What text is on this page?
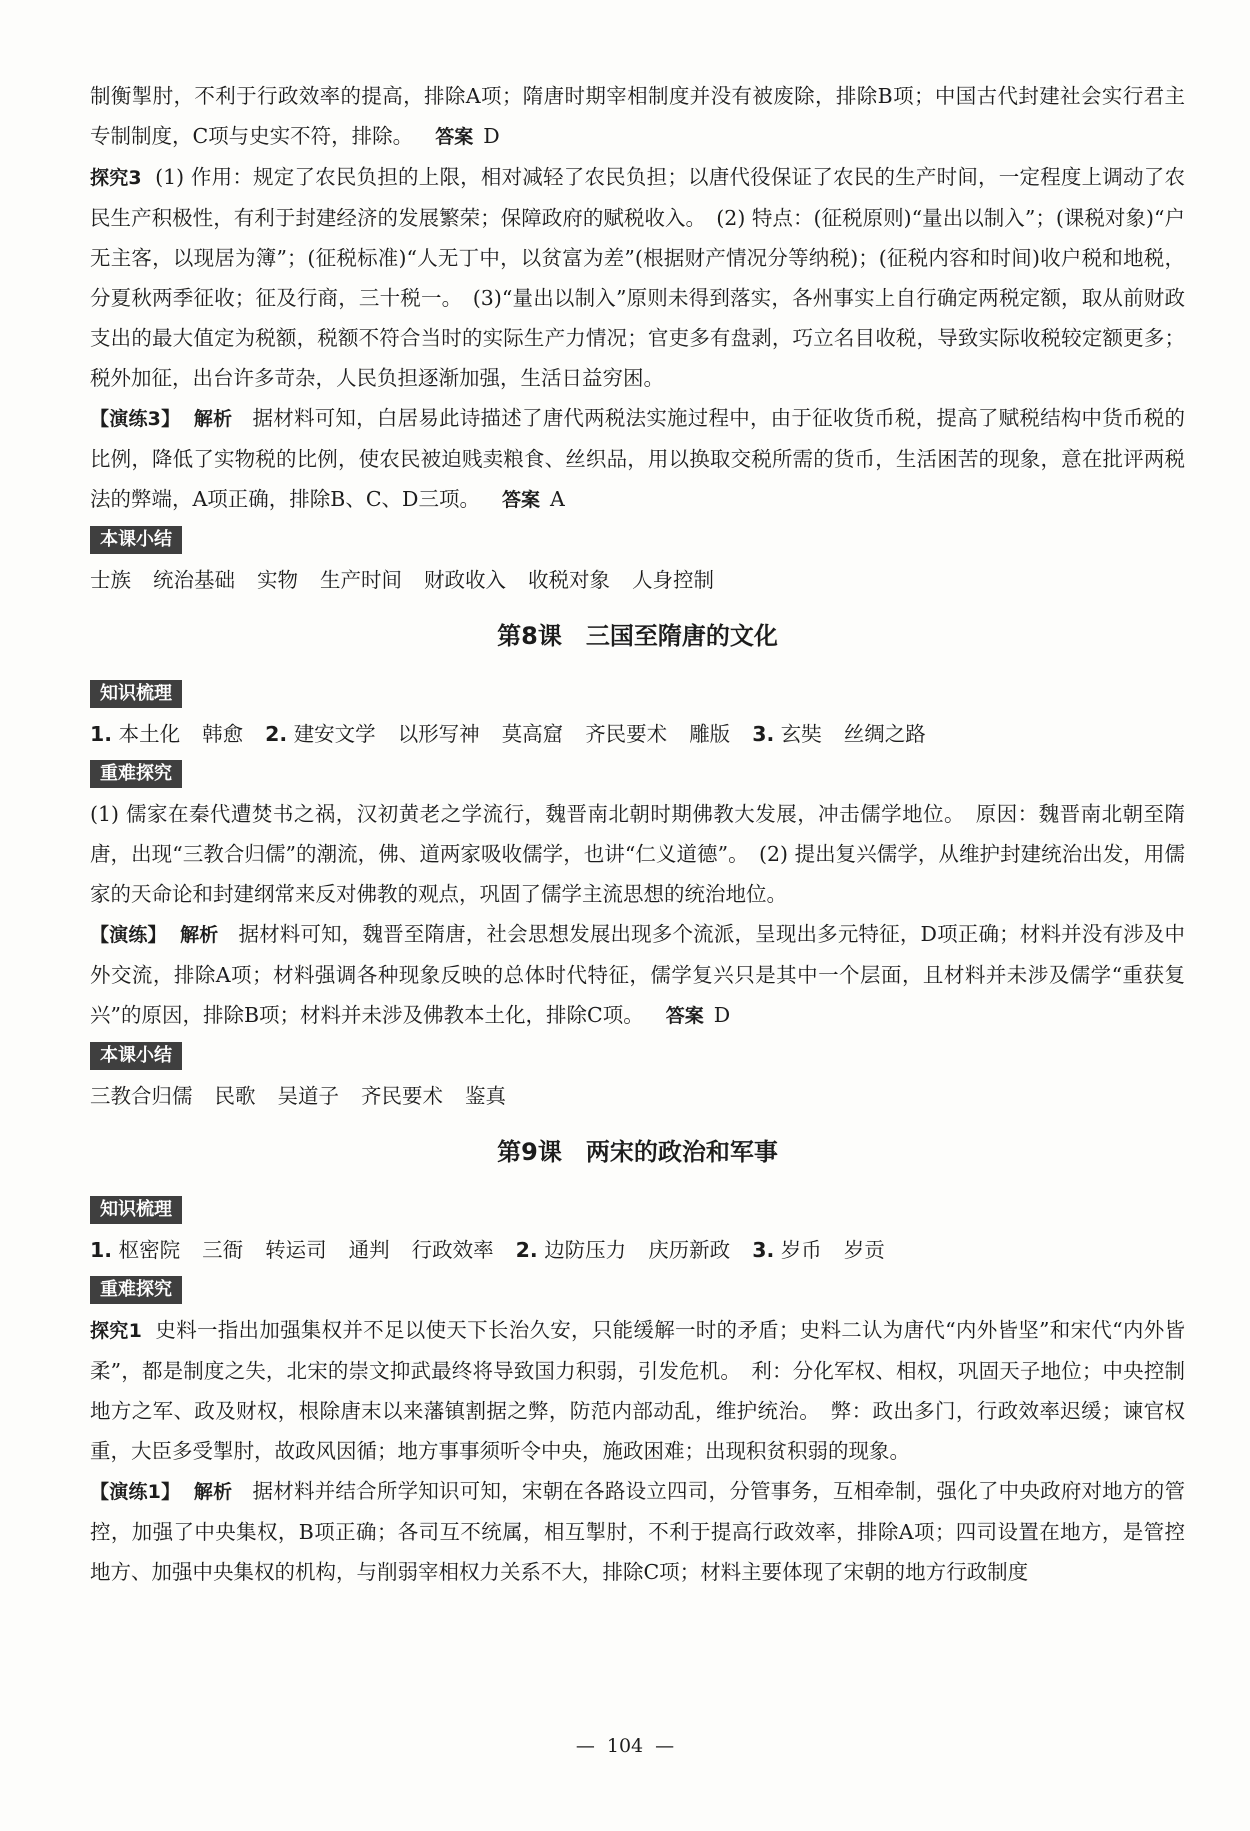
制衡掣肘，不利于行政效率的提高，排除A项；隋唐时期宰相制度并没有被废除，排除B项；中国古代封建社会实行君主专制制度，C项与史实不符，排除。 答案 D

探究3 (1) 作用：规定了农民负担的上限，相对减轻了农民负担；以唐代役保证了农民的生产时间，一定程度上调动了农民生产积极性，有利于封建经济的发展繁荣；保障政府的赋税收入。　(2) 特点：(征税原则)“量出以制入”；(课税对象)“户无主客，以现居为簿”；(征税标准)“人无丁中，以贫富为差”(根据财产情况分等纳税)；(征税内容和时间)收户税和地税，分夏秋两季征收；征及行商，三十税一。　(3)“量出以制入”原则未得到落实，各州事实上自行确定两税定额，取从前财政支出的最大值定为税额，税额不符合当时的实际生产力情况；官吏多有盘剥，巧立名目收税，导致实际收税较定额更多；税外加征，出台许多苛杂，人民负担逐渐加强，生活日益穷困。

【演练3】 解析 据材料可知，白居易此诗描述了唐代两税法实施过程中，由于征收货币税，提高了赋税结构中货币税的比例，降低了实物税的比例，使农民被迫贱卖粮食、丝织品，用以换取交税所需的货币，生活困苦的现象，意在批评两税法的弊端，A项正确，排除B、C、D三项。 答案 A

本课小结
士族 统治基础 实物 生产时间 财政收入 收税对象 人身控制
第8课　三国至隋唐的文化
知识梳理
1. 本土化 韩愈 2. 建安文学 以形写神 莫高窟 齐民要术 雕版 3. 玄奘 丝绸之路
重难探究

(1) 儒家在秦代遭焚书之祸，汉初黄老之学流行，魏晋南北朝时期佛教大发展，冲击儒学地位。　原因：魏晋南北朝至隋唐，出现“三教合归儒”的潮流，佛、道两家吸收儒学，也讲“仁义道德”。　(2) 提出复兴儒学，从维护封建统治出发，用儒家的天命论和封建纲常来反对佛教的观点，巩固了儒学主流思想的统治地位。

【演练】 解析 据材料可知，魏晋至隋唐，社会思想发展出现多个流派，呈现出多元特征，D项正确；材料并没有涉及中外交流，排除A项；材料强调各种现象反映的总体时代特征，儒学复兴只是其中一个层面，且材料并未涉及儒学“重获复兴”的原因，排除B项；材料并未涉及佛教本土化，排除C项。 答案 D

本课小结
三教合归儒 民歌 吴道子 齐民要术 鉴真
第9课　两宋的政治和军事
知识梳理
1. 枢密院 三衙 转运司 通判 行政效率 2. 边防压力 庆历新政 3. 岁币 岁贡
重难探究

探究1 史料一指出加强集权并不足以使天下长治久安，只能缓解一时的矛盾；史料二认为唐代“内外皆坚”和宋代“内外皆柔”，都是制度之失，北宋的崇文抑武最终将导致国力积弱，引发危机。　利：分化军权、相权，巩固天子地位；中央控制地方之军、政及财权，根除唐末以来藩镇割据之弊，防范内部动乱，维护统治。　弊：政出多门，行政效率迟缓；谏官权重，大臣多受掣肘，故政风因循；地方事事须听令中央，施政困难；出现积贫积弱的现象。

【演练1】 解析 据材料并结合所学知识可知，宋朝在各路设立四司，分管事务，互相牵制，强化了中央政府对地方的管控，加强了中央集权，B项正确；各司互不统属，相互掣肘，不利于提高行政效率，排除A项；四司设置在地方，是管控地方、加强中央集权的机构，与削弱宰相权力关系不大，排除C项；材料主要体现了宋朝的地方行政制度

— 104 —
